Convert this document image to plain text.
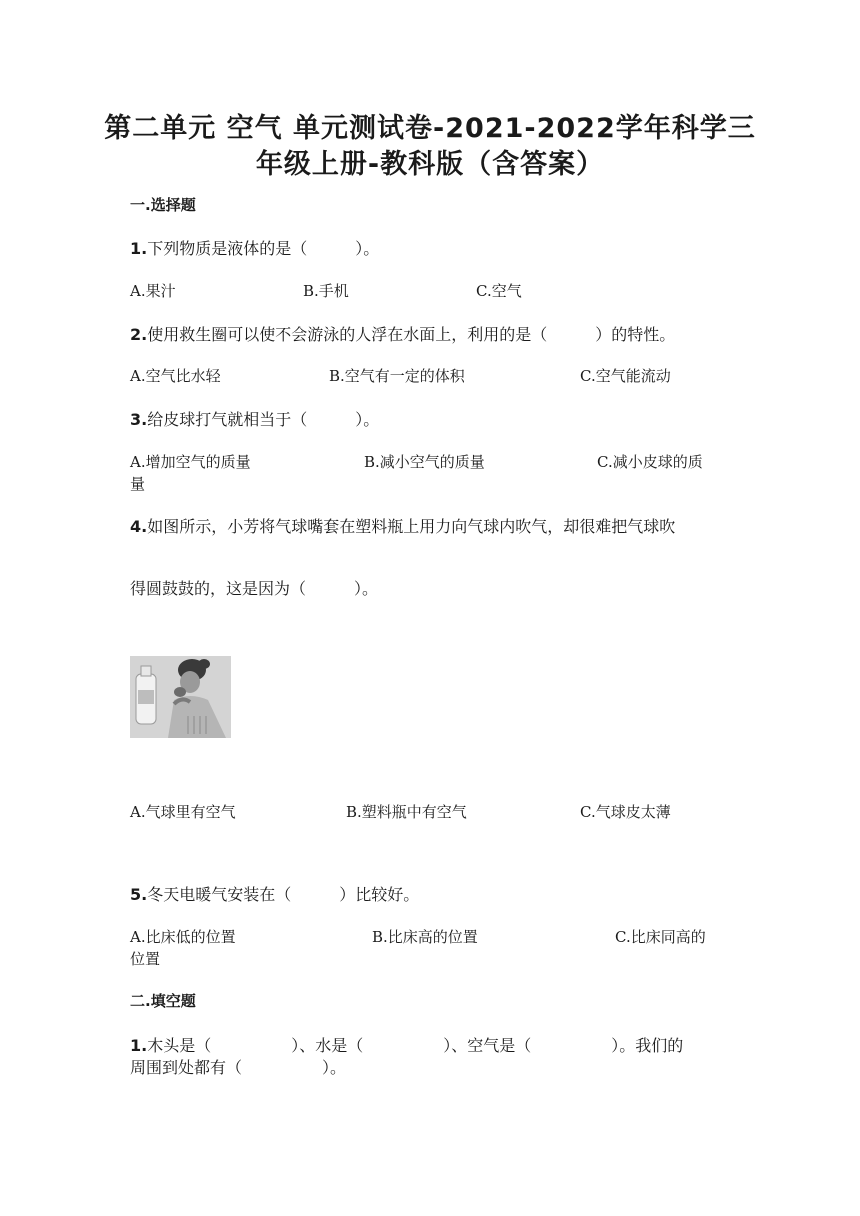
第二单元 空气 单元测试卷-2021-2022学年科学三
年级上册-教科版（含答案）
一.选择题
1.下列物质是液体的是（　　　）。
A.果汁	B.手机	C.空气
2.使用救生圈可以使不会游泳的人浮在水面上，利用的是（　　　）的特性。
A.空气比水轻	B.空气有一定的体积	C.空气能流动
3.给皮球打气就相当于（　　　）。
A.增加空气的质量	B.减小空气的质量	C.减小皮球的质
量
4.如图所示，小芳将气球嘴套在塑料瓶上用力向气球内吹气，却很难把气球吹
得圆鼓鼓的，这是因为（　　　）。
A.气球里有空气	B.塑料瓶中有空气	C.气球皮太薄
5.冬天电暖气安装在（　　　）比较好。
A.比床低的位置	B.比床高的位置	C.比床同高的
位置
二.填空题
1.木头是（　　　　　）、水是（　　　　　）、空气是（　　　　　）。我们的
周围到处都有（　　　　　）。
